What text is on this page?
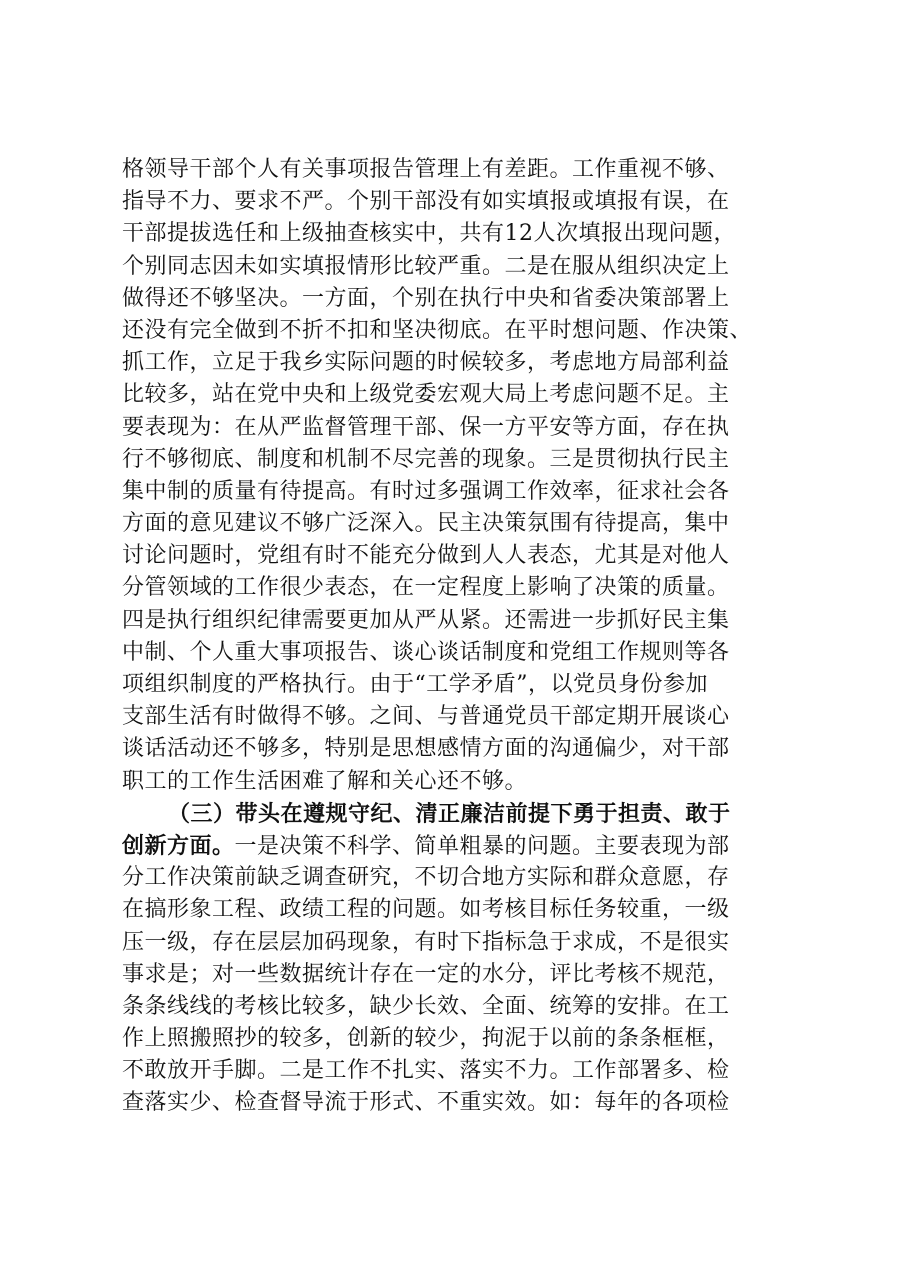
格领导干部个人有关事项报告管理上有差距。工作重视不够、
指导不力、要求不严。个别干部没有如实填报或填报有误，在
干部提拔选任和上级抽查核实中，共有12人次填报出现问题，
个别同志因未如实填报情形比较严重。二是在服从组织决定上
做得还不够坚决。一方面，个别在执行中央和省委决策部署上
还没有完全做到不折不扣和坚决彻底。在平时想问题、作决策、
抓工作，立足于我乡实际问题的时候较多，考虑地方局部利益
比较多，站在党中央和上级党委宏观大局上考虑问题不足。主
要表现为：在从严监督管理干部、保一方平安等方面，存在执
行不够彻底、制度和机制不尽完善的现象。三是贯彻执行民主
集中制的质量有待提高。有时过多强调工作效率，征求社会各
方面的意见建议不够广泛深入。民主决策氛围有待提高，集中
讨论问题时，党组有时不能充分做到人人表态，尤其是对他人
分管领域的工作很少表态，在一定程度上影响了决策的质量。
四是执行组织纪律需要更加从严从紧。还需进一步抓好民主集
中制、个人重大事项报告、谈心谈话制度和党组工作规则等各
项组织制度的严格执行。由于“工学矛盾”，以党员身份参加
支部生活有时做得不够。之间、与普通党员干部定期开展谈心
谈话活动还不够多，特别是思想感情方面的沟通偏少，对干部
职工的工作生活困难了解和关心还不够。
（三）带头在遵规守纪、清正廉洁前提下勇于担责、敢于
创新方面。一是决策不科学、简单粗暴的问题。主要表现为部
分工作决策前缺乏调查研究，不切合地方实际和群众意愿，存
在搞形象工程、政绩工程的问题。如考核目标任务较重，一级
压一级，存在层层加码现象，有时下指标急于求成，不是很实
事求是；对一些数据统计存在一定的水分，评比考核不规范，
条条线线的考核比较多，缺少长效、全面、统筹的安排。在工
作上照搬照抄的较多，创新的较少，拘泥于以前的条条框框，
不敢放开手脚。二是工作不扎实、落实不力。工作部署多、检
查落实少、检查督导流于形式、不重实效。如：每年的各项检
